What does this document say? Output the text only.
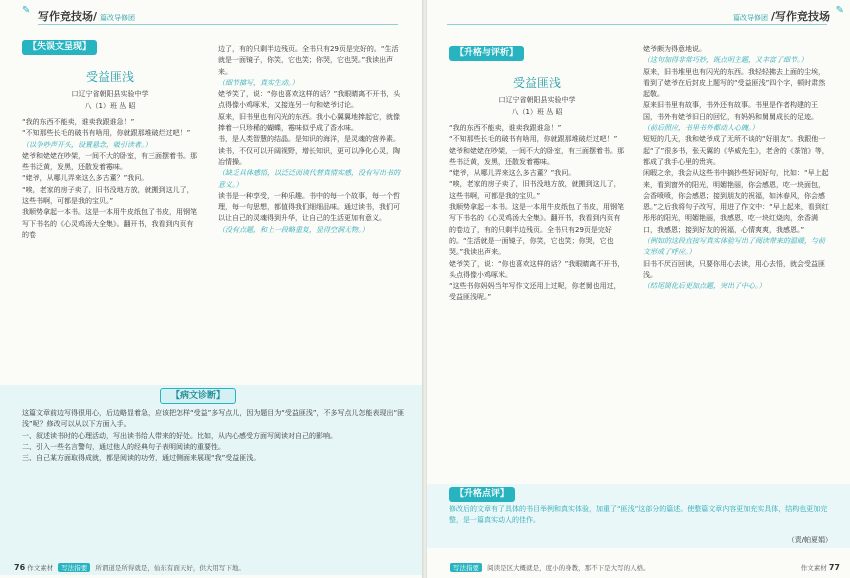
✎ 写作竞技场/ 篇改导修团
【失误文呈现】
受益匪浅
口辽宁省朝阳县实验中学
八（1）班 丛 昭
“我的东西不能卖，谁卖我跟谁急！”
“不知那些长毛的破书有啥用，你就跟那堆破烂过吧！”
（以争吵声开头，设置悬念，吸引读者。）
姥爷和姥姥在吵架，一间不大的卧室，有三面摆着书。那些书泛黄，发黑，还散发着霉味。
“姥爷，从哪儿弄来这么多古董？”我问。
“唉，老家的房子卖了，旧书没地方放，就搬到这儿了，这些书啊，可都是我的宝贝。”
我顺势拿起一本书。这是一本用牛皮纸包了书皮，用钢笔写下书名的《心灵鸡汤大全集》。翻开书，我看到内页有的卷
边了，有的只剩半边残页。全书只有29页是完好的。“生活就是一面镜子，你笑，它也笑；你哭，它也哭。”我读出声来。
（细节描写，真实生动。）
姥爷笑了，说：“你也喜欢这样的话？”我眼睛离不开书，头点得像小鸡啄米，又接连另一句和姥爷讨论。
原来，旧书里也有闪光的东西。我小心翼翼地捧起它，就像捧着一只珍稀的蝴蝶，霉味似乎成了香水味。
书，是人类智慧的结晶。是知识的海洋，是灵魂的营养素。读书，不仅可以开阔视野，增长知识，更可以净化心灵，陶冶情操。
（缺乏具体感悟，以泛泛而谈代替真情实感，没有写出书的意义。）
读书是一种享受，一种乐趣。书中的每一个故事，每一个哲理，每一句思想，都值得我们细细品味。通过读书，我们可以让自己的灵魂得到升华，让自己的生活更加有意义。
（没有点题，和上一段略重复，显得空洞无物。）
【病文诊断】
这篇文章前边写得很用心，后边略显着急，应该把怎样“受益”多写点儿，因为题目为“受益匪浅”，不多写点儿怎能表现出“匪浅”呢？修改可以从以下方面入手。
一、叙述读书时的心理活动，写出读书给人带来的好处。比如，从内心感受方面写阅读对自己的影响。
二、引入一些名言警句，通过他人的经典句子表明阅读的重要性。
三、自己某方面取得成就，都是阅读的功劳，通过侧面来展现“我”受益匪浅。
76 作文素材 写法指要 所谓道是所得就是，仙东有面天好，供大用写下地。
篇改导修团 /写作竞技场 ✎
【升格与评析】
受益匪浅
口辽宁省朝阳县实验中学
八（1）班 丛 昭
“我的东西不能卖，谁卖我跟谁急！”
“不知那些长毛的破书有啥用，你就跟那堆破烂过吧！”
姥爷和姥姥在吵架，一间不大的卧室，有三面摆着书。那些书泛黄，发黑，还散发着霉味。
“姥爷，从哪儿弄来这么多古董？”我问。
“唉，老家的房子卖了，旧书没地方放，就搬到这儿了，这些书啊，可都是我的宝贝。”
我顺势拿起一本书。这是一本用牛皮纸包了书皮，用钢笔写下书名的《心灵鸡汤大全集》。翻开书，我看到内页有的卷边了，有的只剩半边残页。全书只有29页是完好的。“生活就是一面镜子，你笑，它也笑；你哭，它也哭。”我读出声来。
姥爷笑了，说：“你也喜欢这样的话？”我眼睛离不开书，头点得像小鸡啄米。
“这些书你妈妈当年写作文还用上过呢，你老舅也用过，受益匪浅呢。”
姥爷颇为得意地说。
（这句加得非常巧妙，既点明主题，又丰富了细节。）
原来，旧书堆里也有闪光的东西。我轻轻拂去上面的尘埃，看到了姥爷在后封皮上题写的“受益匪浅”四个字，顿时肃然起敬。
原来旧书里有故事，书外还有故事。书里是作者构建的王国，书外有姥爷旧日的回忆，有妈妈和舅舅成长的足迹。
（前后照应，书里书外都动人心魄。）
短短的几天，我和姥爷成了无所不谈的“好朋友”。我跟他一起“了”很多书，张天翼的《华威先生》，老舍的《茶馆》等，都成了我手心里的贵宾。
闲暇之余，我会从这些书中摘抄些好词好句，比如：“早上起来，看到窗外的阳光，明媚艳丽，你会感恩，吃一块面包，会香喷喷，你会感恩；接到朋友的祝福，如沐春风，你会感恩。”之后我将句子改写，用进了作文中：“早上起来，看到红彤彤的阳光，明媚艳丽，我感恩，吃一块红烧肉，余香满口，我感恩；接到好友的祝福，心情爽爽，我感恩。”
（例如的这段直接写真实体验写出了阅读带来的温暖，与前文形成了呼应。）
旧书不厌百回读，只要你用心去读，用心去悟，就会受益匪浅。
（结尾简化后更加点题，突出了中心。）
【升格点评】
修改后的文章有了具体的书目举例和真实体验，加重了“匪浅”这部分的篇述。使整篇文章内容更加充实具体，结构也更加完整，是一篇真实动人的佳作。
（责/帕夏娟）
写法指要 阅读是区大概就是，度小的身教，那不下是大写的人格。	作文素材 77
